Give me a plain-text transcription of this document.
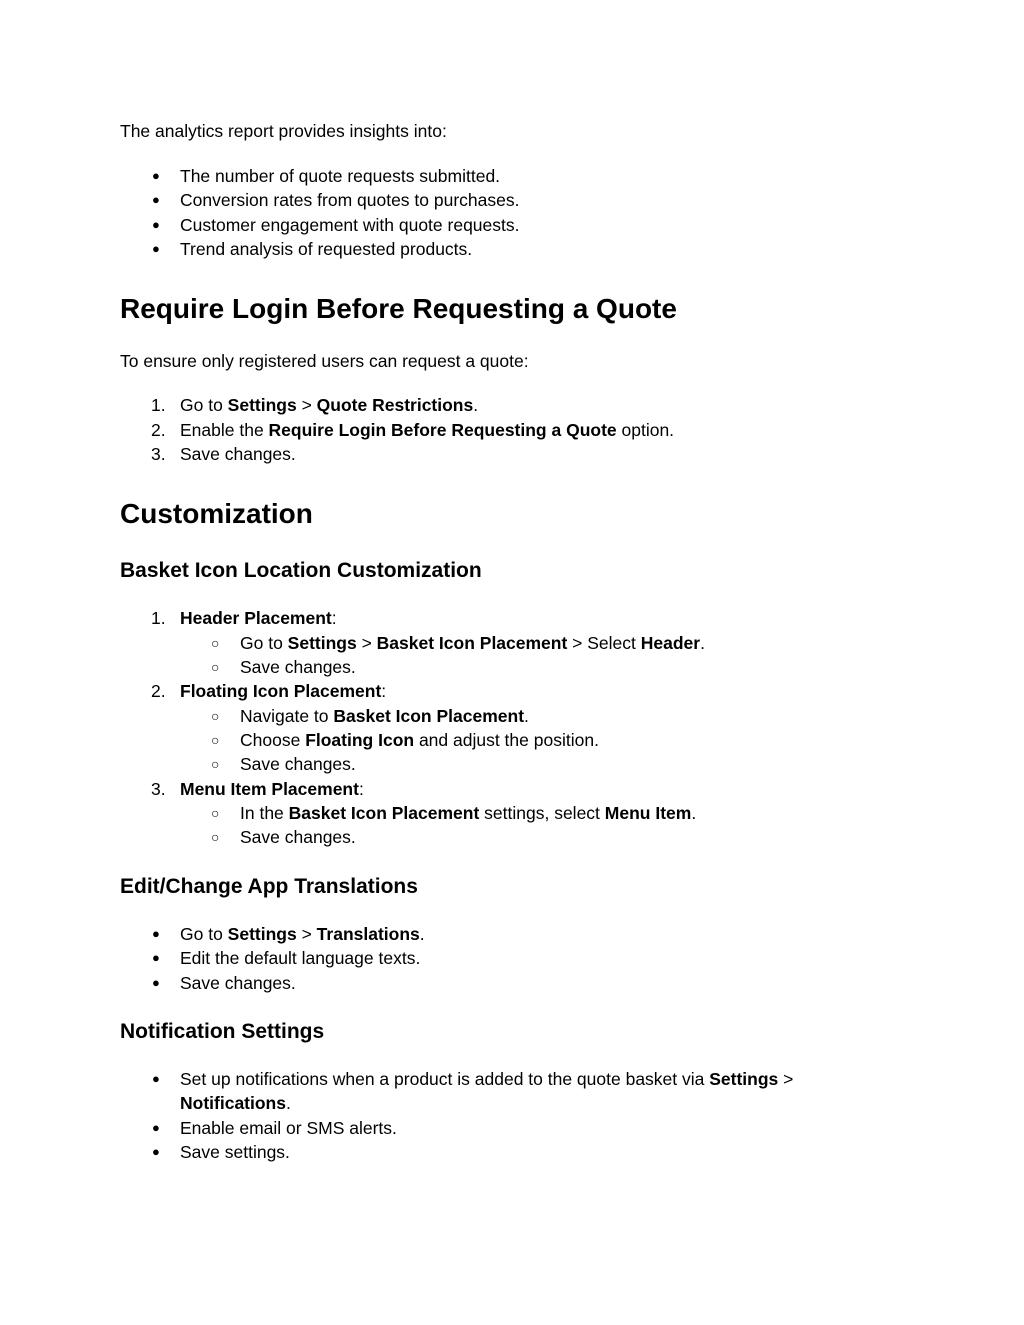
The analytics report provides insights into:
● The number of quote requests submitted.
● Conversion rates from quotes to purchases.
● Customer engagement with quote requests.
● Trend analysis of requested products.
Require Login Before Requesting a Quote
To ensure only registered users can request a quote:
1. Go to Settings > Quote Restrictions.
2. Enable the Require Login Before Requesting a Quote option.
3. Save changes.
Customization
Basket Icon Location Customization
1. Header Placement:
○ Go to Settings > Basket Icon Placement > Select Header.
○ Save changes.
2. Floating Icon Placement:
○ Navigate to Basket Icon Placement.
○ Choose Floating Icon and adjust the position.
○ Save changes.
3. Menu Item Placement:
○ In the Basket Icon Placement settings, select Menu Item.
○ Save changes.
Edit/Change App Translations
● Go to Settings > Translations.
● Edit the default language texts.
● Save changes.
Notification Settings
● Set up notifications when a product is added to the quote basket via Settings >
Notifications.
● Enable email or SMS alerts.
● Save settings.
